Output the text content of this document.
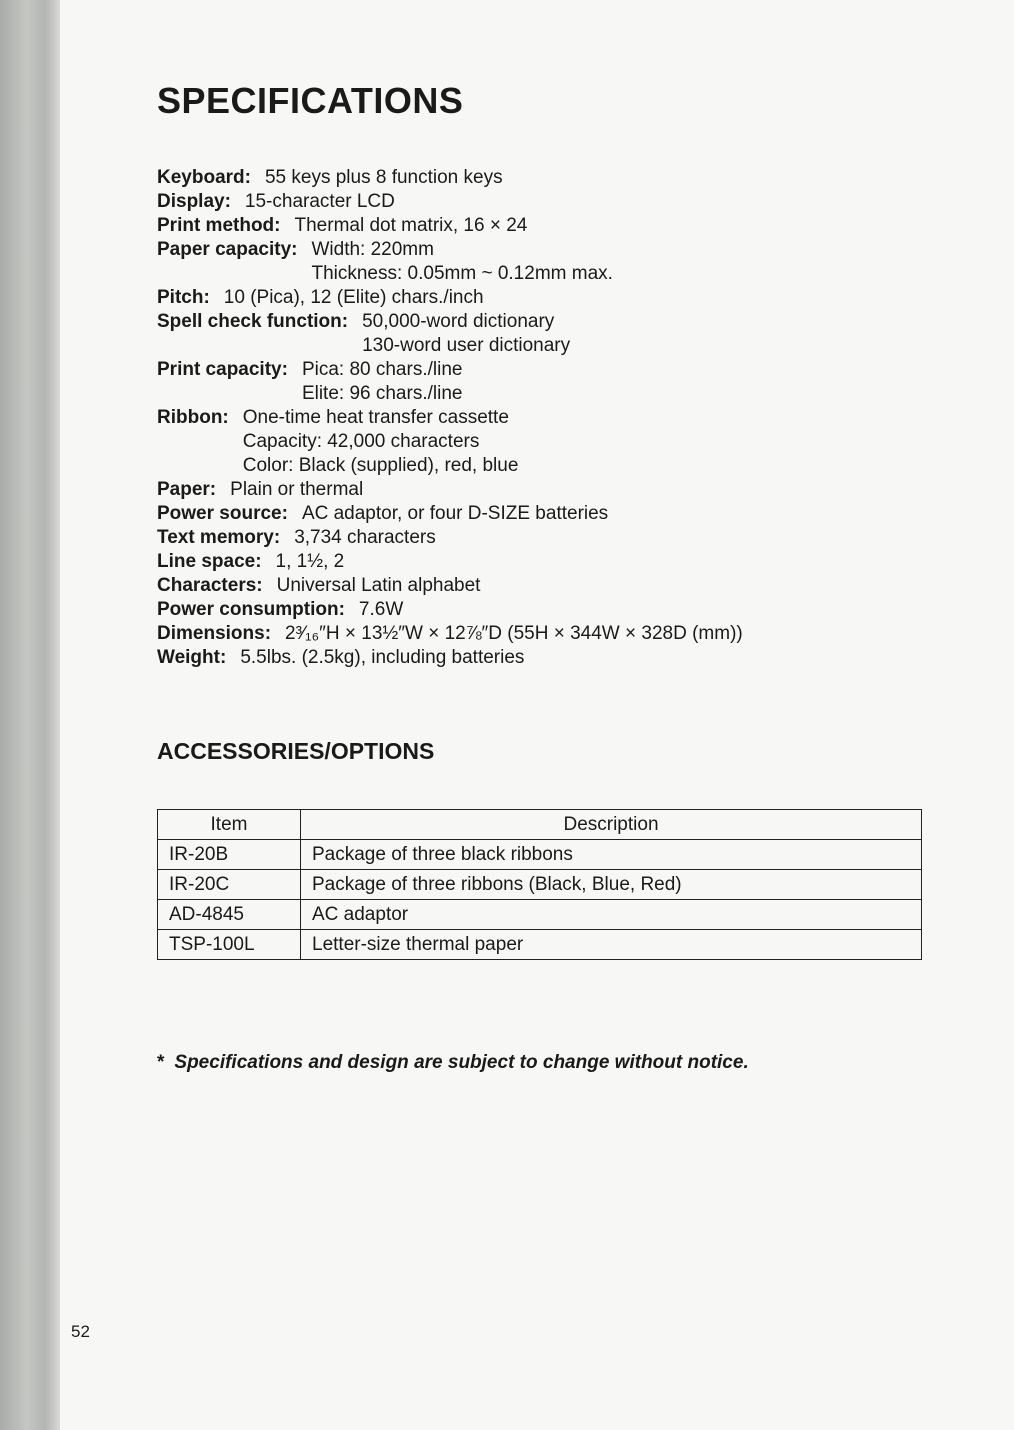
SPECIFICATIONS
Keyboard: 55 keys plus 8 function keys
Display: 15-character LCD
Print method: Thermal dot matrix, 16 × 24
Paper capacity: Width: 220mm
Thickness: 0.05mm ~ 0.12mm max.
Pitch: 10 (Pica), 12 (Elite) chars./inch
Spell check function: 50,000-word dictionary
130-word user dictionary
Print capacity: Pica: 80 chars./line
Elite: 96 chars./line
Ribbon: One-time heat transfer cassette
Capacity: 42,000 characters
Color: Black (supplied), red, blue
Paper: Plain or thermal
Power source: AC adaptor, or four D-SIZE batteries
Text memory: 3,734 characters
Line space: 1, 1½, 2
Characters: Universal Latin alphabet
Power consumption: 7.6W
Dimensions: 2³⁄₁₆″H × 13½″W × 12⅞″D (55H × 344W × 328D (mm))
Weight: 5.5lbs. (2.5kg), including batteries
ACCESSORIES/OPTIONS
Item	Description
IR-20B	Package of three black ribbons
IR-20C	Package of three ribbons (Black, Blue, Red)
AD-4845	AC adaptor
TSP-100L	Letter-size thermal paper
* Specifications and design are subject to change without notice.
52
